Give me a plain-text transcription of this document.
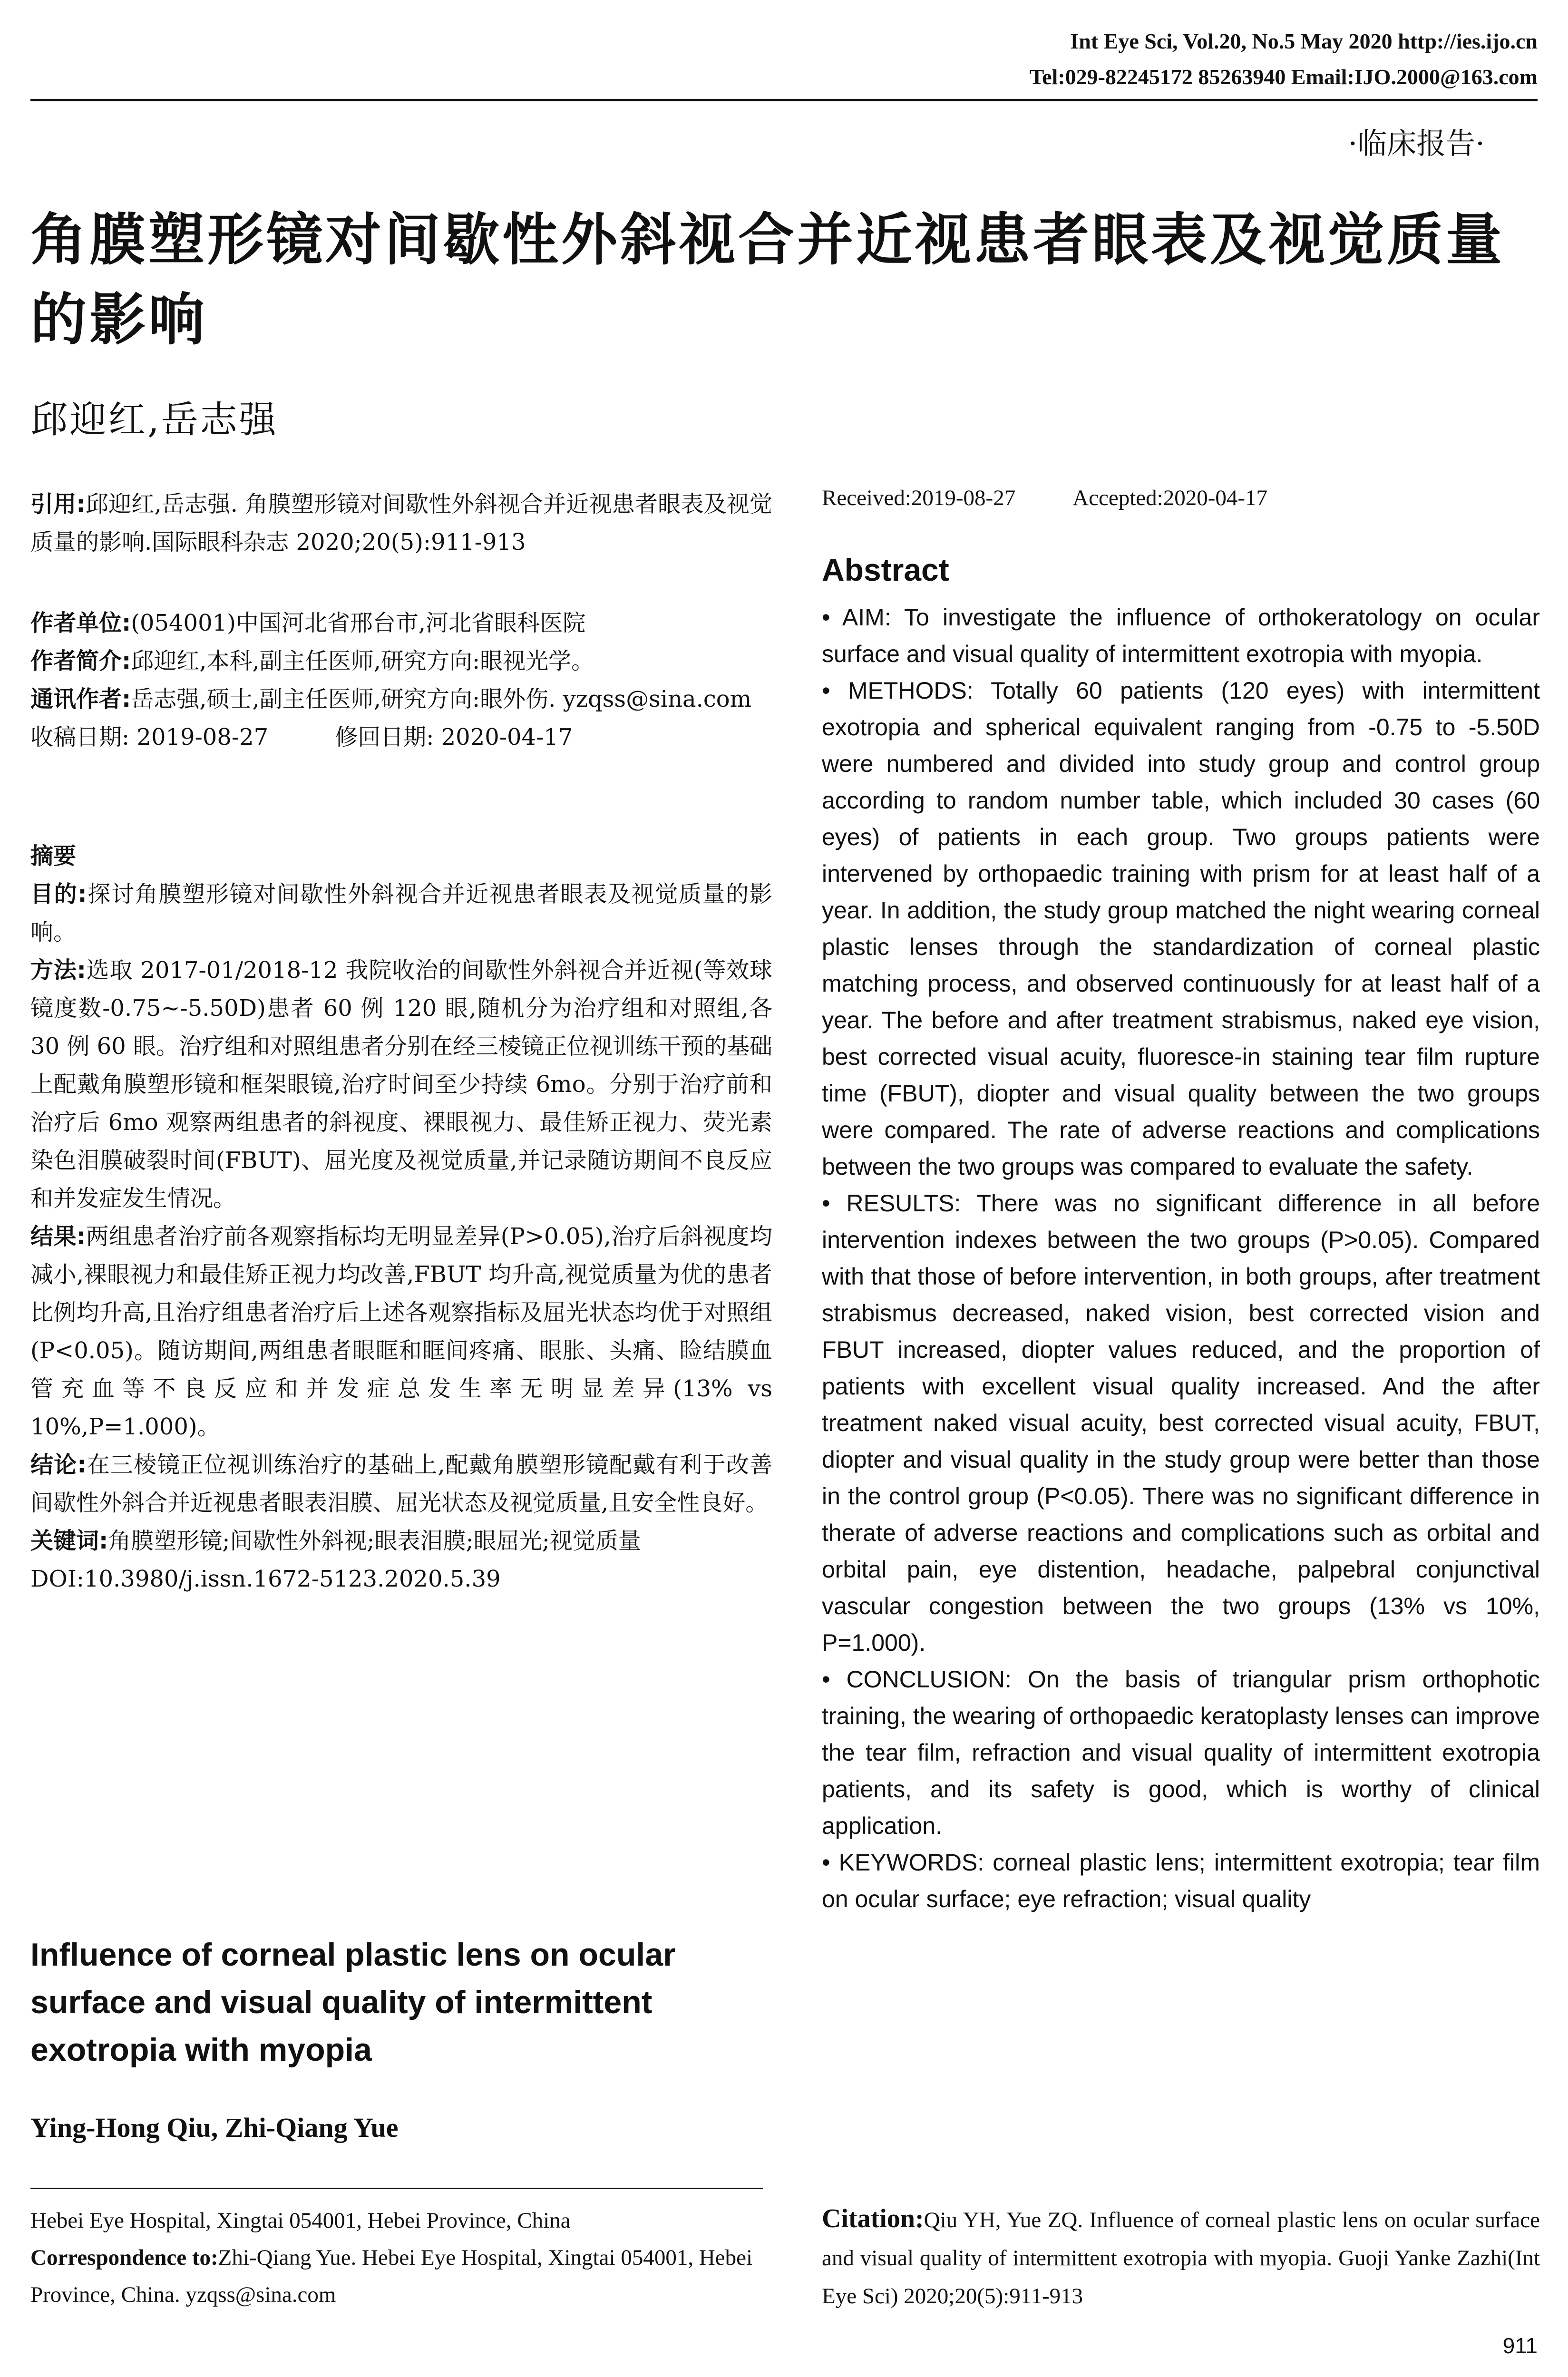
Int Eye Sci, Vol.20, No.5 May 2020 http://ies.ijo.cn
Tel:029-82245172 85263940 Email:IJO.2000@163.com
·临床报告·
角膜塑形镜对间歇性外斜视合并近视患者眼表及视觉质量的影响
邱迎红,岳志强

引用:邱迎红,岳志强. 角膜塑形镜对间歇性外斜视合并近视患者眼表及视觉质量的影响.国际眼科杂志 2020;20(5):911-913

作者单位:(054001)中国河北省邢台市,河北省眼科医院

作者简介:邱迎红,本科,副主任医师,研究方向:眼视光学。

通讯作者:岳志强,硕士,副主任医师,研究方向:眼外伤. yzqss@sina.com

收稿日期: 2019-08-27	修回日期: 2020-04-17

摘要

目的:探讨角膜塑形镜对间歇性外斜视合并近视患者眼表及视觉质量的影响。

方法:选取 2017-01/2018-12 我院收治的间歇性外斜视合并近视(等效球镜度数-0.75~-5.50D)患者 60 例 120 眼,随机分为治疗组和对照组,各 30 例 60 眼。治疗组和对照组患者分别在经三棱镜正位视训练干预的基础上配戴角膜塑形镜和框架眼镜,治疗时间至少持续 6mo。分别于治疗前和治疗后 6mo 观察两组患者的斜视度、裸眼视力、最佳矫正视力、荧光素染色泪膜破裂时间(FBUT)、屈光度及视觉质量,并记录随访期间不良反应和并发症发生情况。

结果:两组患者治疗前各观察指标均无明显差异(P>0.05),治疗后斜视度均减小,裸眼视力和最佳矫正视力均改善,FBUT 均升高,视觉质量为优的患者比例均升高,且治疗组患者治疗后上述各观察指标及屈光状态均优于对照组(P<0.05)。随访期间,两组患者眼眶和眶间疼痛、眼胀、头痛、睑结膜血管充血等不良反应和并发症总发生率无明显差异(13% vs 10%,P=1.000)。

结论:在三棱镜正位视训练治疗的基础上,配戴角膜塑形镜配戴有利于改善间歇性外斜合并近视患者眼表泪膜、屈光状态及视觉质量,且安全性良好。

关键词:角膜塑形镜;间歇性外斜视;眼表泪膜;眼屈光;视觉质量

DOI:10.3980/j.issn.1672-5123.2020.5.39

Influence of corneal plastic lens on ocular surface and visual quality of intermittent exotropia with myopia
Ying-Hong Qiu, Zhi-Qiang Yue
Hebei Eye Hospital, Xingtai 054001, Hebei Province, China
Correspondence to:Zhi-Qiang Yue. Hebei Eye Hospital, Xingtai 054001, Hebei Province, China. yzqss@sina.com
Received:2019-08-27	Accepted:2020-04-17
Abstract

• AIM: To investigate the influence of orthokeratology on ocular surface and visual quality of intermittent exotropia with myopia.

• METHODS: Totally 60 patients (120 eyes) with intermittent exotropia and spherical equivalent ranging from -0.75 to -5.50D were numbered and divided into study group and control group according to random number table, which included 30 cases (60 eyes) of patients in each group. Two groups patients were intervened by orthopaedic training with prism for at least half of a year. In addition, the study group matched the night wearing corneal plastic lenses through the standardization of corneal plastic matching process, and observed continuously for at least half of a year. The before and after treatment strabismus, naked eye vision, best corrected visual acuity, fluoresce-in staining tear film rupture time (FBUT), diopter and visual quality between the two groups were compared. The rate of adverse reactions and complications between the two groups was compared to evaluate the safety.

• RESULTS: There was no significant difference in all before intervention indexes between the two groups (P>0.05). Compared with that those of before intervention, in both groups, after treatment strabismus decreased, naked vision, best corrected vision and FBUT increased, diopter values reduced, and the proportion of patients with excellent visual quality increased. And the after treatment naked visual acuity, best corrected visual acuity, FBUT, diopter and visual quality in the study group were better than those in the control group (P<0.05). There was no significant difference in therate of adverse reactions and complications such as orbital and orbital pain, eye distention, headache, palpebral conjunctival vascular congestion between the two groups (13% vs 10%, P=1.000).

• CONCLUSION: On the basis of triangular prism orthophotic training, the wearing of orthopaedic keratoplasty lenses can improve the tear film, refraction and visual quality of intermittent exotropia patients, and its safety is good, which is worthy of clinical application.

• KEYWORDS: corneal plastic lens; intermittent exotropia; tear film on ocular surface; eye refraction; visual quality

Citation:Qiu YH, Yue ZQ. Influence of corneal plastic lens on ocular surface and visual quality of intermittent exotropia with myopia. Guoji Yanke Zazhi(Int Eye Sci) 2020;20(5):911-913
911
